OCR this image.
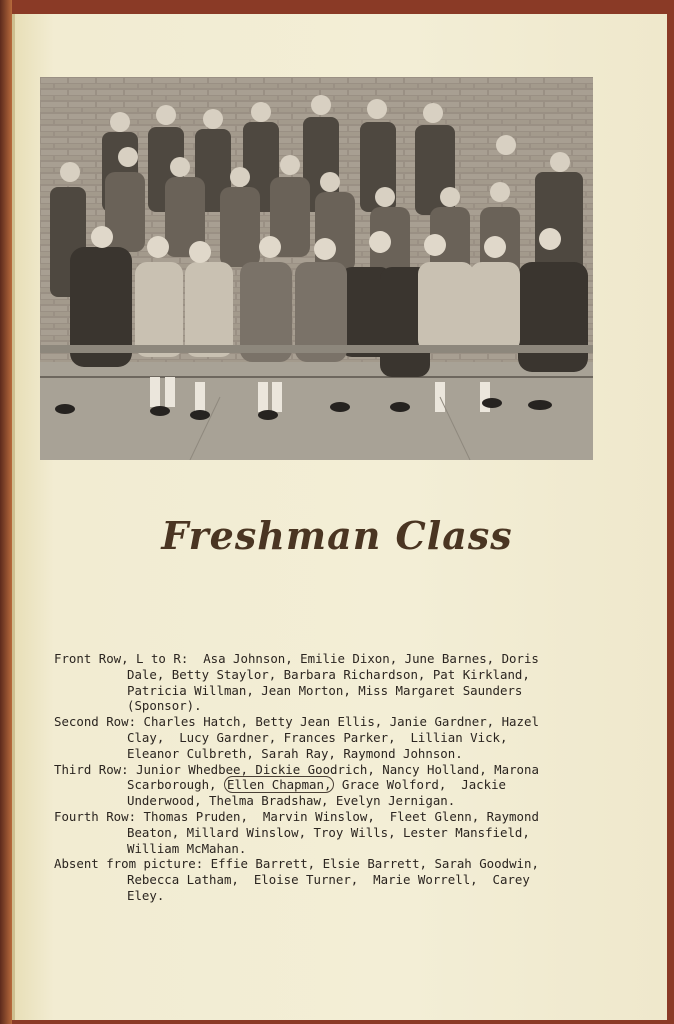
Freshman Class
Front Row, L to R: Asa Johnson, Emilie Dixon, June Barnes, Doris
Dale, Betty Staylor, Barbara Richardson, Pat Kirkland,
Patricia Willman, Jean Morton, Miss Margaret Saunders
(Sponsor).
Second Row: Charles Hatch, Betty Jean Ellis, Janie Gardner, Hazel
Clay,  Lucy Gardner, Frances Parker,  Lillian Vick,
Eleanor Culbreth, Sarah Ray, Raymond Johnson.
Third Row: Junior Whedbee, Dickie Goodrich, Nancy Holland, Marona
Scarborough, Ellen Chapman, Grace Wolford,  Jackie
Underwood, Thelma Bradshaw, Evelyn Jernigan.
Fourth Row: Thomas Pruden,  Marvin Winslow,  Fleet Glenn, Raymond
Beaton, Millard Winslow, Troy Wills, Lester Mansfield,
William McMahan.
Absent from picture: Effie Barrett, Elsie Barrett, Sarah Goodwin,
Rebecca Latham,  Eloise Turner,  Marie Worrell,  Carey
Eley.
